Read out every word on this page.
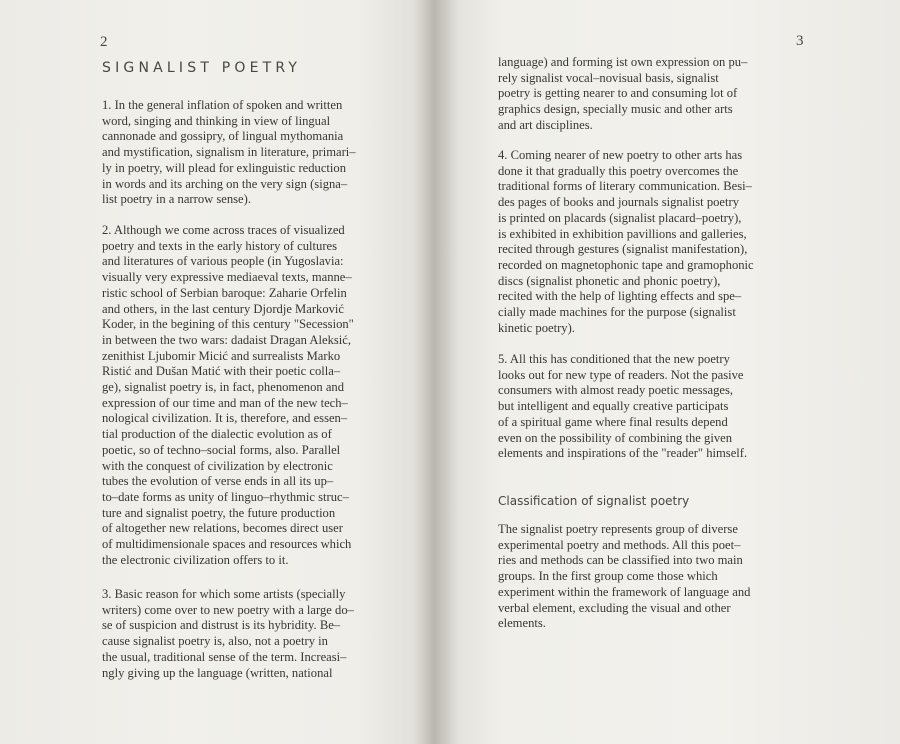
2
SIGNALIST POETRY

1. In the general inflation of spoken and written
word, singing and thinking in view of lingual
cannonade and gossipry, of lingual mythomania
and mystification, signalism in literature, primari–
ly in poetry, will plead for exlinguistic reduction
in words and its arching on the very sign (signa–
list poetry in a narrow sense).

2. Although we come across traces of visualized
poetry and texts in the early history of cultures
and literatures of various people (in Yugoslavia:
visually very expressive mediaeval texts, manne–
ristic school of Serbian baroque: Zaharie Orfelin
and others, in the last century Djordje Marković
Koder, in the begining of this century "Secession"
in between the two wars: dadaist Dragan Aleksić,
zenithist Ljubomir Micić and surrealists Marko
Ristić and Dušan Matić with their poetic colla–
ge), signalist poetry is, in fact, phenomenon and
expression of our time and man of the new tech–
nological civilization. It is, therefore, and essen–
tial production of the dialectic evolution as of
poetic, so of techno–social forms, also. Parallel
with the conquest of civilization by electronic
tubes the evolution of verse ends in all its up–
to–date forms as unity of linguo–rhythmic struc–
ture and signalist poetry, the future production
of altogether new relations, becomes direct user
of multidimensionale spaces and resources which
the electronic civilization offers to it.

3. Basic reason for which some artists (specially
writers) come over to new poetry with a large do–
se of suspicion and distrust is its hybridity. Be–
cause signalist poetry is, also, not a poetry in
the usual, traditional sense of the term. Increasi–
ngly giving up the language (written, national

3

language) and forming ist own expression on pu–
rely signalist vocal–novisual basis, signalist
poetry is getting nearer to and consuming lot of
graphics design, specially music and other arts
and art disciplines.

4. Coming nearer of new poetry to other arts has
done it that gradually this poetry overcomes the
traditional forms of literary communication. Besi–
des pages of books and journals signalist poetry
is printed on placards (signalist placard–poetry),
is exhibited in exhibition pavillions and galleries,
recited through gestures (signalist manifestation),
recorded on magnetophonic tape and gramophonic
discs (signalist phonetic and phonic poetry),
recited with the help of lighting effects and spe–
cially made machines for the purpose (signalist
kinetic poetry).

5. All this has conditioned that the new poetry
looks out for new type of readers. Not the pasive
consumers with almost ready poetic messages,
but intelligent and equally creative participats
of a spiritual game where final results depend
even on the possibility of combining the given
elements and inspirations of the "reader" himself.

Classification of signalist poetry

The signalist poetry represents group of diverse
experimental poetry and methods. All this poet–
ries and methods can be classified into two main
groups. In the first group come those which
experiment within the framework of language and
verbal element, excluding the visual and other
elements.
